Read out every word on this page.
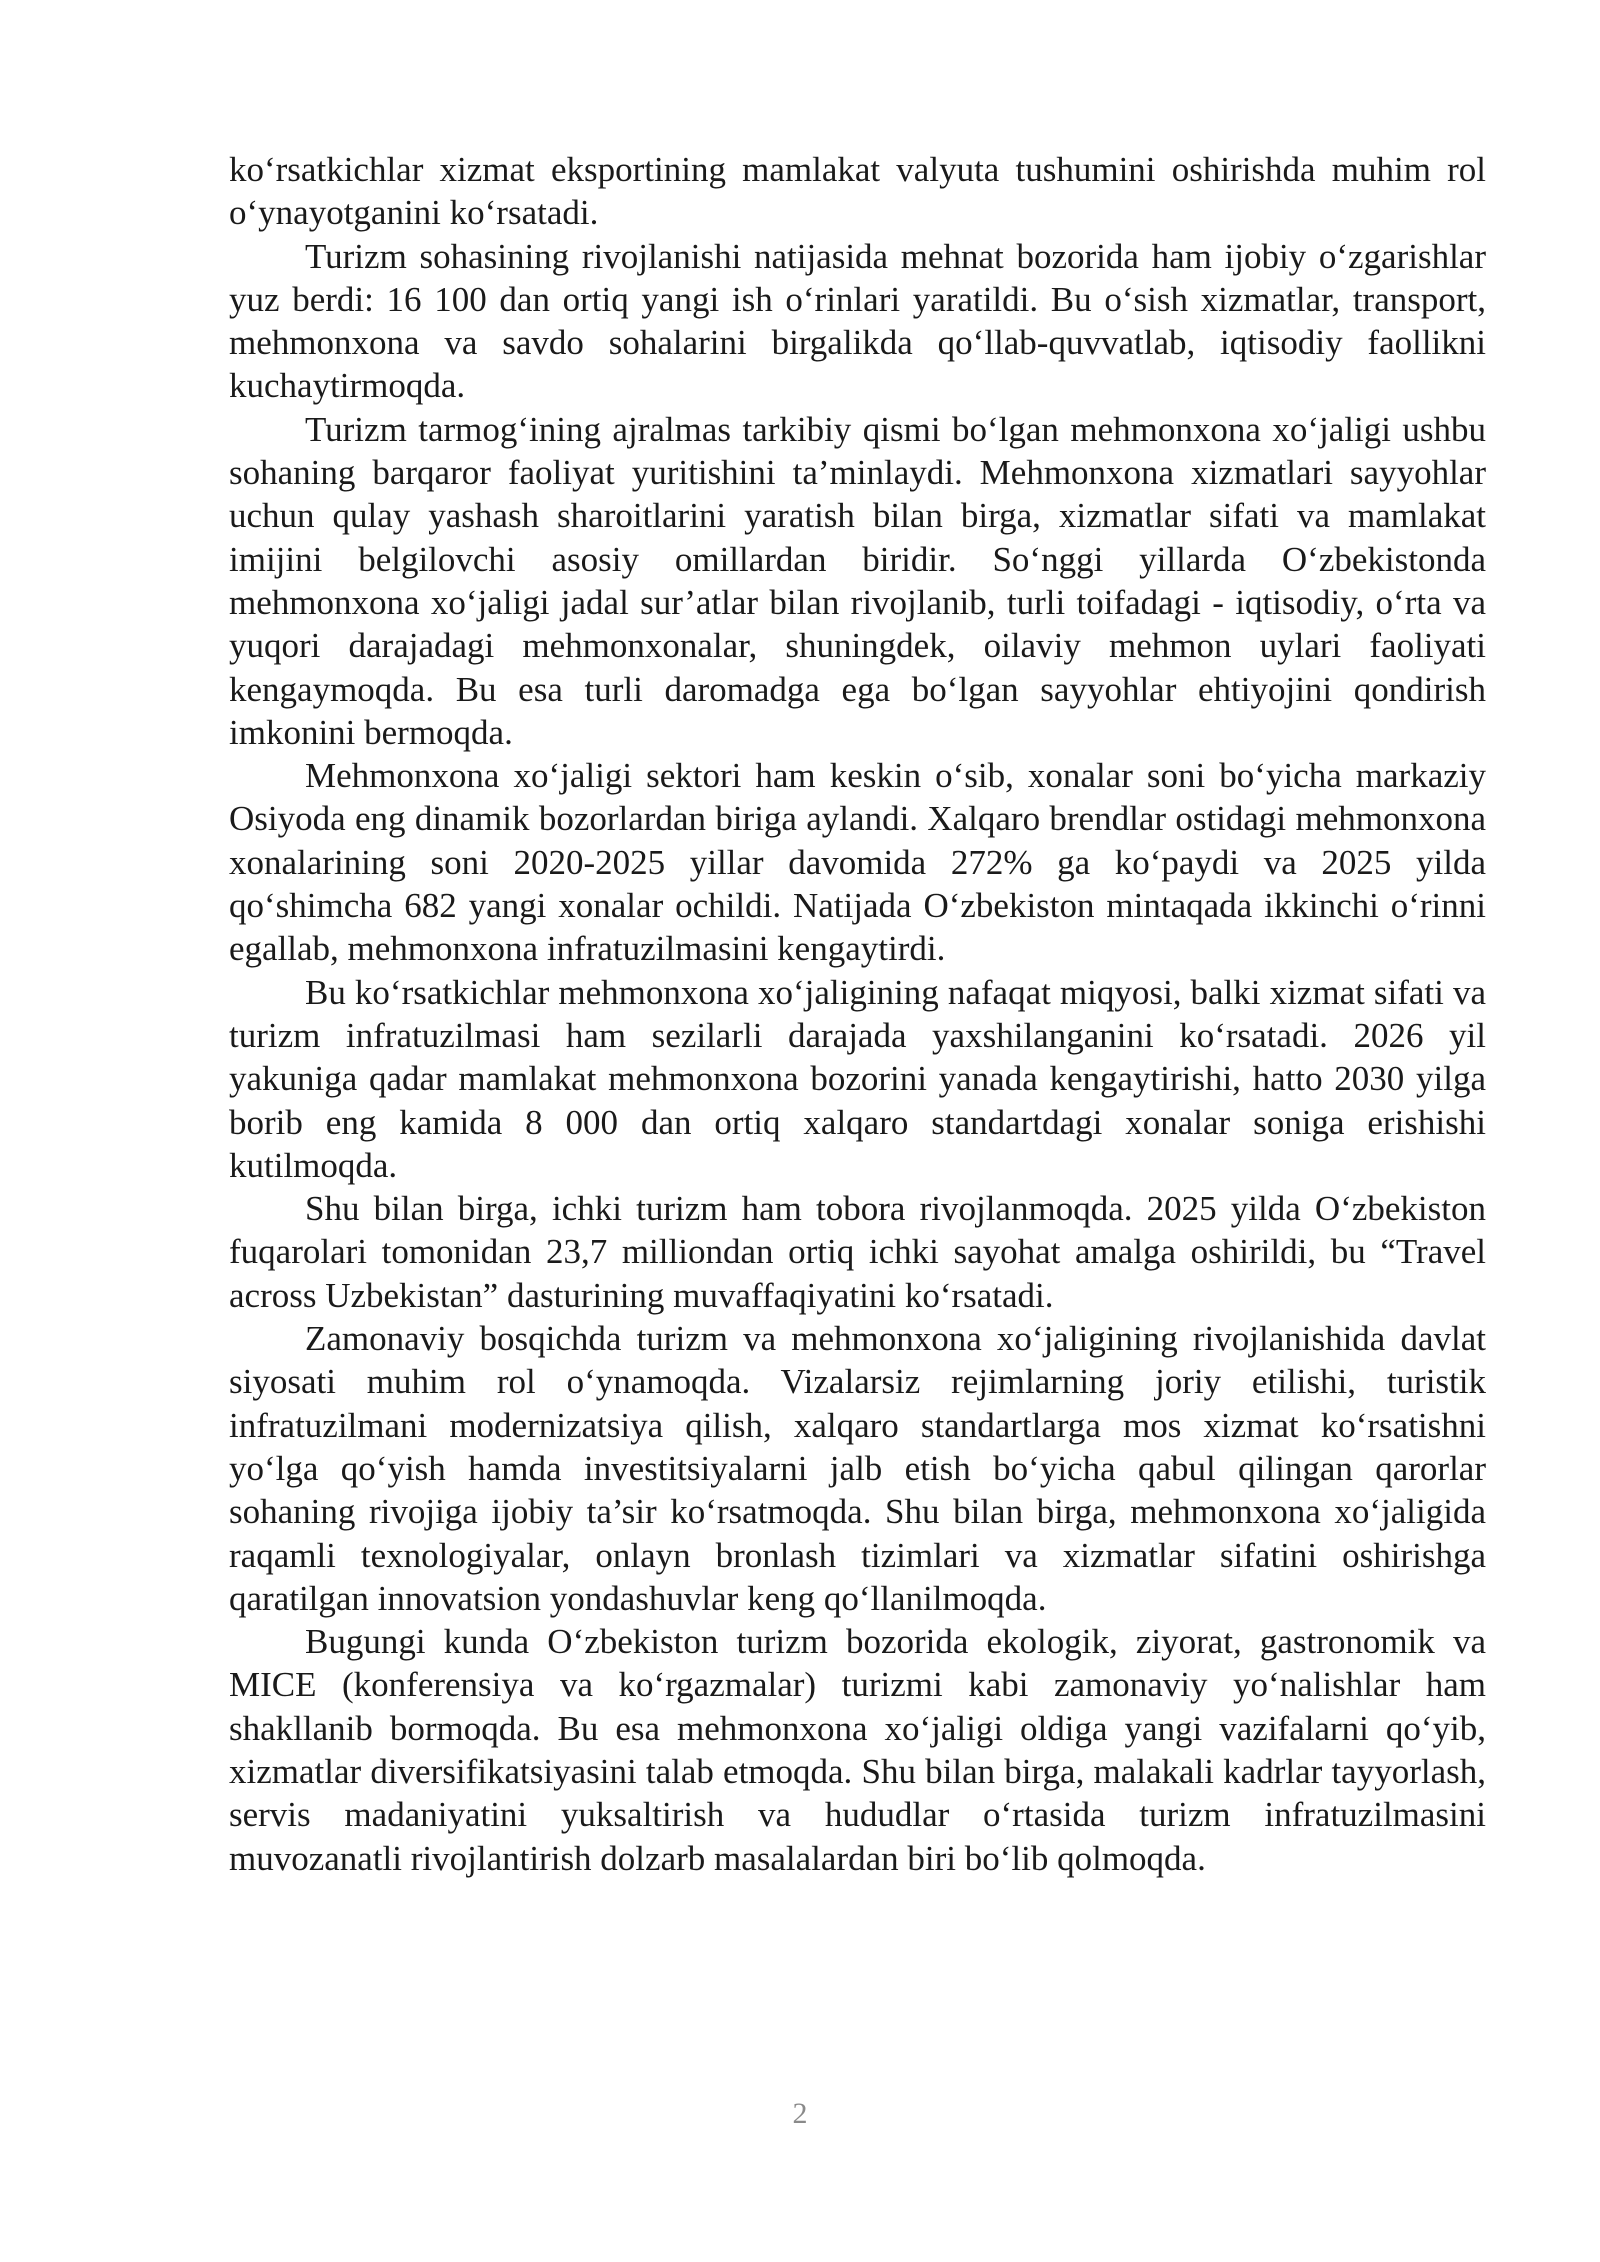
ko‘rsatkichlar xizmat eksportining mamlakat valyuta tushumini oshirishda muhim rol o‘ynayotganini ko‘rsatadi.

Turizm sohasining rivojlanishi natijasida mehnat bozorida ham ijobiy o‘zgarishlar yuz berdi: 16 100 dan ortiq yangi ish o‘rinlari yaratildi. Bu o‘sish xizmatlar, transport, mehmonxona va savdo sohalarini birgalikda qo‘llab-quvvatlab, iqtisodiy faollikni kuchaytirmoqda.

Turizm tarmog‘ining ajralmas tarkibiy qismi bo‘lgan mehmonxona xo‘jaligi ushbu sohaning barqaror faoliyat yuritishini ta’minlaydi. Mehmonxona xizmatlari sayyohlar uchun qulay yashash sharoitlarini yaratish bilan birga, xizmatlar sifati va mamlakat imijini belgilovchi asosiy omillardan biridir. So‘nggi yillarda O‘zbekistonda mehmonxona xo‘jaligi jadal sur’atlar bilan rivojlanib, turli toifadagi - iqtisodiy, o‘rta va yuqori darajadagi mehmonxonalar, shuningdek, oilaviy mehmon uylari faoliyati kengaymoqda. Bu esa turli daromadga ega bo‘lgan sayyohlar ehtiyojini qondirish imkonini bermoqda.

Mehmonxona xo‘jaligi sektori ham keskin o‘sib, xonalar soni bo‘yicha markaziy Osiyoda eng dinamik bozorlardan biriga aylandi. Xalqaro brendlar ostidagi mehmonxona xonalarining soni 2020-2025 yillar davomida 272% ga ko‘paydi va 2025 yilda qo‘shimcha 682 yangi xonalar ochildi. Natijada O‘zbekiston mintaqada ikkinchi o‘rinni egallab, mehmonxona infratuzilmasini kengaytirdi.

Bu ko‘rsatkichlar mehmonxona xo‘jaligining nafaqat miqyosi, balki xizmat sifati va turizm infratuzilmasi ham sezilarli darajada yaxshilanganini ko‘rsatadi. 2026 yil yakuniga qadar mamlakat mehmonxona bozorini yanada kengaytirishi, hatto 2030 yilga borib eng kamida 8 000 dan ortiq xalqaro standartdagi xonalar soniga erishishi kutilmoqda.

Shu bilan birga, ichki turizm ham tobora rivojlanmoqda. 2025 yilda O‘zbekiston fuqarolari tomonidan 23,7 milliondan ortiq ichki sayohat amalga oshirildi, bu “Travel across Uzbekistan” dasturining muvaffaqiyatini ko‘rsatadi.

Zamonaviy bosqichda turizm va mehmonxona xo‘jaligining rivojlanishida davlat siyosati muhim rol o‘ynamoqda. Vizalarsiz rejimlarning joriy etilishi, turistik infratuzilmani modernizatsiya qilish, xalqaro standartlarga mos xizmat ko‘rsatishni yo‘lga qo‘yish hamda investitsiyalarni jalb etish bo‘yicha qabul qilingan qarorlar sohaning rivojiga ijobiy ta’sir ko‘rsatmoqda. Shu bilan birga, mehmonxona xo‘jaligida raqamli texnologiyalar, onlayn bronlash tizimlari va xizmatlar sifatini oshirishga qaratilgan innovatsion yondashuvlar keng qo‘llanilmoqda.

Bugungi kunda O‘zbekiston turizm bozorida ekologik, ziyorat, gastronomik va MICE (konferensiya va ko‘rgazmalar) turizmi kabi zamonaviy yo‘nalishlar ham shakllanib bormoqda. Bu esa mehmonxona xo‘jaligi oldiga yangi vazifalarni qo‘yib, xizmatlar diversifikatsiyasini talab etmoqda. Shu bilan birga, malakali kadrlar tayyorlash, servis madaniyatini yuksaltirish va hududlar o‘rtasida turizm infratuzilmasini muvozanatli rivojlantirish dolzarb masalalardan biri bo‘lib qolmoqda.

2
